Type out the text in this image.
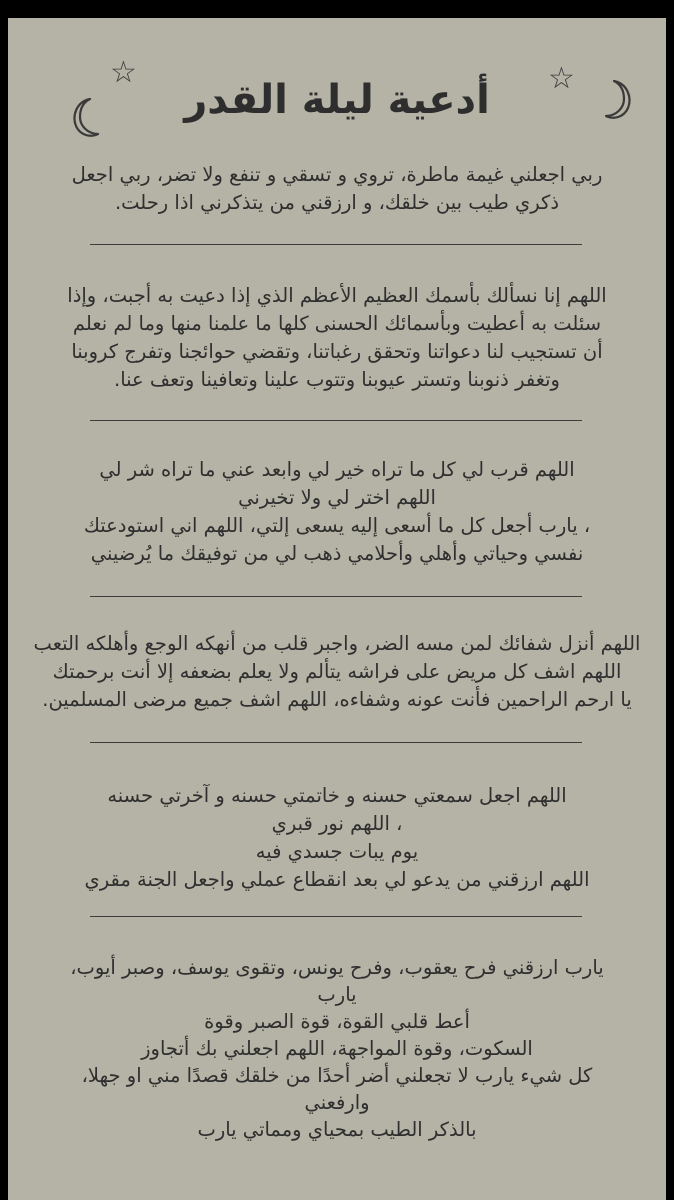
☆	☆
أدعية ليلة القدر
ربي اجعلني غيمة ماطرة، تروي و تسقي و تنفع ولا تضر، ربي اجعل
ذكري طيب بين خلقك، و ارزقني من يتذكرني اذا رحلت.
اللهم إنا نسألك بأسمك العظيم الأعظم الذي إذا دعيت به أجبت، وإذا
سئلت به أعطيت وبأسمائك الحسنى كلها ما علمنا منها وما لم نعلم
أن تستجيب لنا دعواتنا وتحقق رغباتنا، وتقضي حوائجنا وتفرج كروبنا
وتغفر ذنوبنا وتستر عيوبنا وتتوب علينا وتعافينا وتعف عنا.
اللهم قرب لي كل ما تراه خير لي وابعد عني ما تراه شر لي
اللهم اختر لي ولا تخيرني
، يارب أجعل كل ما أسعى إليه يسعى إلتي، اللهم اني استودعتك
نفسي وحياتي وأهلي وأحلامي ذهب لي من توفيقك ما يُرضيني
اللهم أنزل شفائك لمن مسه الضر، واجبر قلب من أنهكه الوجع وأهلكه التعب
اللهم اشف كل مريض على فراشه يتألم ولا يعلم بضعفه إلا أنت برحمتك
يا ارحم الراحمين فأنت عونه وشفاءه، اللهم اشف جميع مرضى المسلمين.
اللهم اجعل سمعتي حسنه و خاتمتي حسنه و آخرتي حسنه
، اللهم نور قبري
يوم يبات جسدي فيه
اللهم ارزقني من يدعو لي بعد انقطاع عملي واجعل الجنة مقري
يارب ارزقني فرح يعقوب، وفرح يونس، وتقوى يوسف، وصبر أيوب،
يارب
أعط قلبي القوة، قوة الصبر وقوة
السكوت، وقوة المواجهة، اللهم اجعلني بك أتجاوز
كل شيء يارب لا تجعلني أضر أحدًا من خلقك قصدًا مني او جهلا،
وارفعني
بالذكر الطيب بمحياي ومماتي يارب
